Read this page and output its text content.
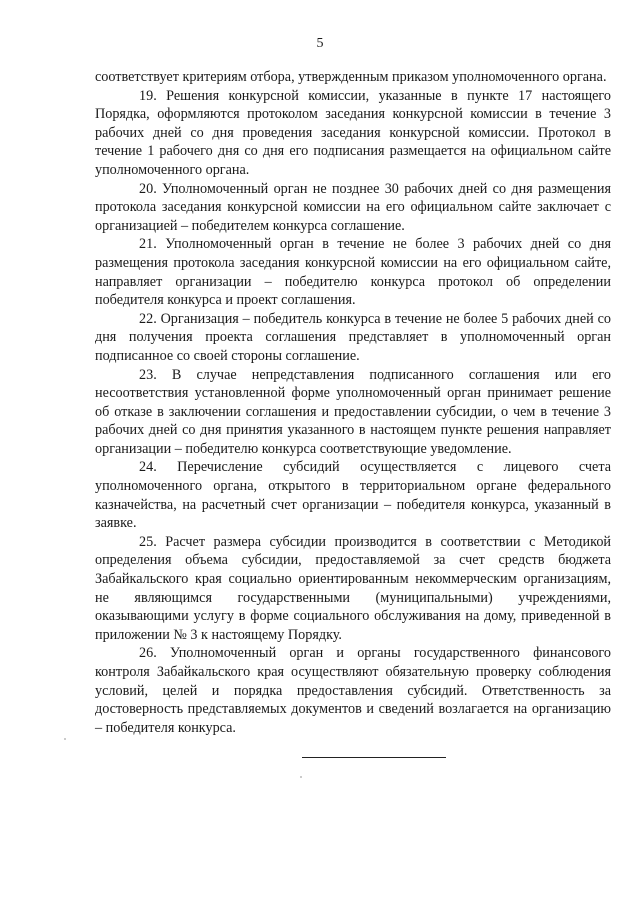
5

соответствует критериям отбора, утвержденным приказом уполномоченного органа.

19. Решения конкурсной комиссии, указанные в пункте 17 настоящего Порядка, оформляются протоколом заседания конкурсной комиссии в течение 3 рабочих дней со дня проведения заседания конкурсной комиссии. Протокол в течение 1 рабочего дня со дня его подписания размещается на официальном сайте уполномоченного органа.

20. Уполномоченный орган не позднее 30 рабочих дней со дня размещения протокола заседания конкурсной комиссии на его официальном сайте заключает с организацией – победителем конкурса соглашение.

21. Уполномоченный орган в течение не более 3 рабочих дней со дня размещения протокола заседания конкурсной комиссии на его официальном сайте, направляет организации – победителю конкурса протокол об определении победителя конкурса и проект соглашения.

22. Организация – победитель конкурса в течение не более 5 рабочих дней со дня получения проекта соглашения представляет в уполномоченный орган подписанное со своей стороны соглашение.

23. В случае непредставления подписанного соглашения или его несоответствия установленной форме уполномоченный орган принимает решение об отказе в заключении соглашения и предоставлении субсидии, о чем в течение 3 рабочих дней со дня принятия указанного в настоящем пункте решения направляет организации – победителю конкурса соответствующие уведомление.

24. Перечисление субсидий осуществляется с лицевого счета уполномоченного органа, открытого в территориальном органе федерального казначейства, на расчетный счет организации – победителя конкурса, указанный в заявке.

25. Расчет размера субсидии производится в соответствии с Методикой определения объема субсидии, предоставляемой за счет средств бюджета Забайкальского края социально ориентированным некоммерческим организациям, не являющимся государственными (муниципальными) учреждениями, оказывающими услугу в форме социального обслуживания на дому, приведенной в приложении № 3 к настоящему Порядку.

26. Уполномоченный орган и органы государственного финансового контроля Забайкальского края осуществляют обязательную проверку соблюдения условий, целей и порядка предоставления субсидий. Ответственность за достоверность представляемых документов и сведений возлагается на организацию – победителя конкурса.
